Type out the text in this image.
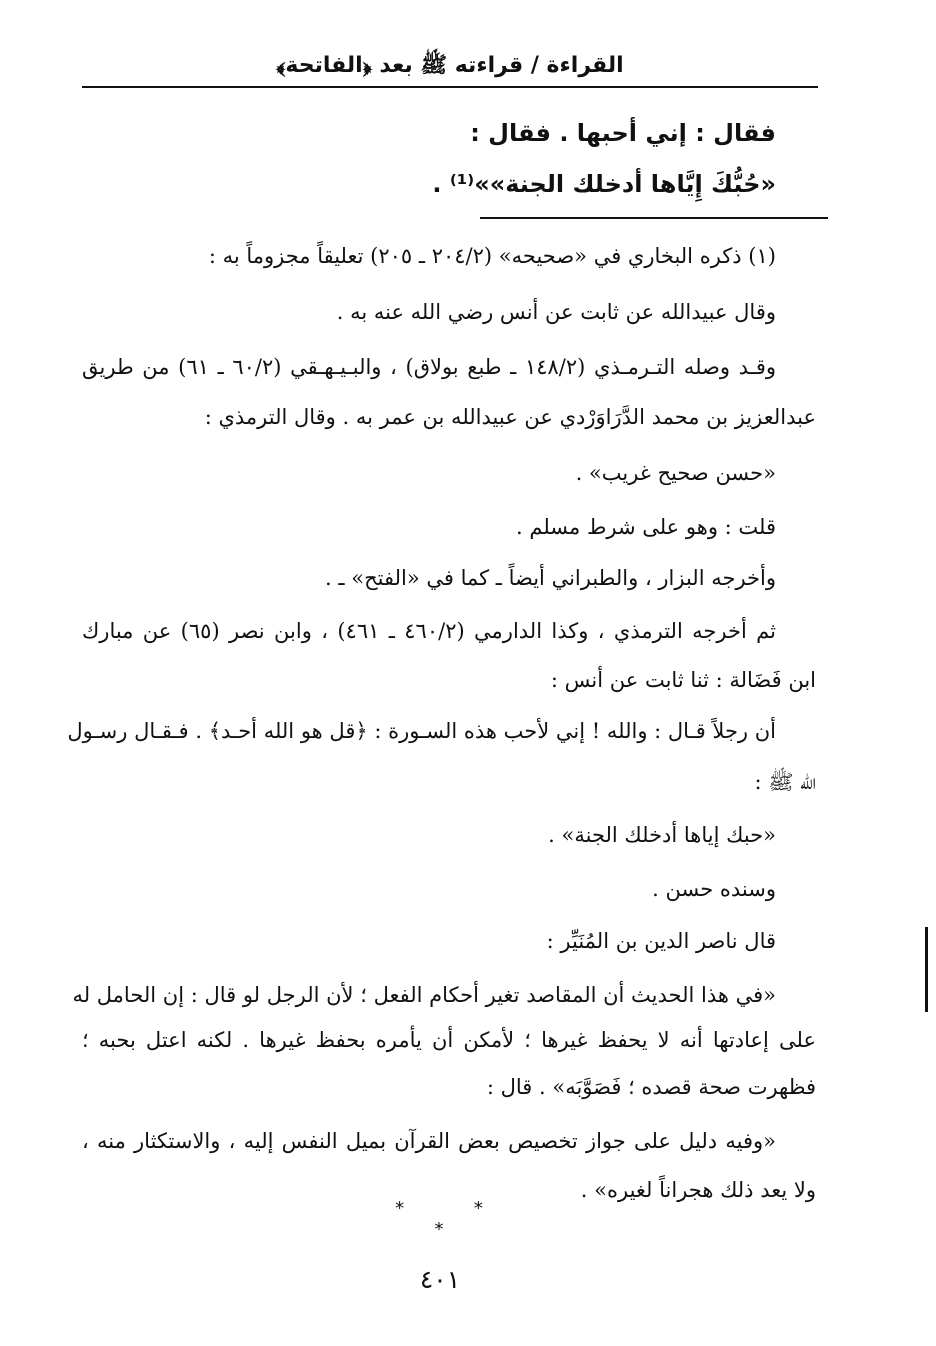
القراءة / قراءته ﷺ بعد ﴿الفاتحة﴾
فقال : إني أحبها . فقال :
«حُبُّكَ إِيَّاها أدخلك الجنة»»⁽¹⁾ .
(١) ذكره البخاري في «صحيحه» (٢٠٤/٢ ـ ٢٠٥) تعليقاً مجزوماً به :
وقال عبيدالله عن ثابت عن أنس رضي الله عنه به .
وقـد وصله التـرمـذي (١٤٨/٢ ـ طبع بولاق) ، والبـيـهـقي (٦٠/٢ ـ ٦١) من طريق
عبدالعزيز بن محمد الدَّرَاوَرْدي عن عبيدالله بن عمر به . وقال الترمذي :
«حسن صحيح غريب» .
قلت : وهو على شرط مسلم .
وأخرجه البزار ، والطبراني أيضاً ـ كما في «الفتح» ـ .
ثم أخرجه الترمذي ، وكذا الدارمي (٤٦٠/٢ ـ ٤٦١) ، وابن نصر (٦٥) عن مبارك
ابن فَضَالة : ثنا ثابت عن أنس :
أن رجلاً قـال : والله ! إني لأحب هذه السـورة : ﴿قل هو الله أحـد﴾ . فـقـال رسـول
الله ﷺ :
«حبك إياها أدخلك الجنة» .
وسنده حسن .
قال ناصر الدين بن المُنَيِّر :
«في هذا الحديث أن المقاصد تغير أحكام الفعل ؛ لأن الرجل لو قال : إن الحامل له
على إعادتها أنه لا يحفظ غيرها ؛ لأمكن أن يأمره بحفظ غيرها . لكنه اعتل بحبه ؛
فظهرت صحة قصده ؛ فَصَوَّبَه» . قال :
«وفيه دليل على جواز تخصيص بعض القرآن بميل النفس إليه ، والاستكثار منه ،
ولا يعد ذلك هجراناً لغيره» .
* * *
٤٠١
